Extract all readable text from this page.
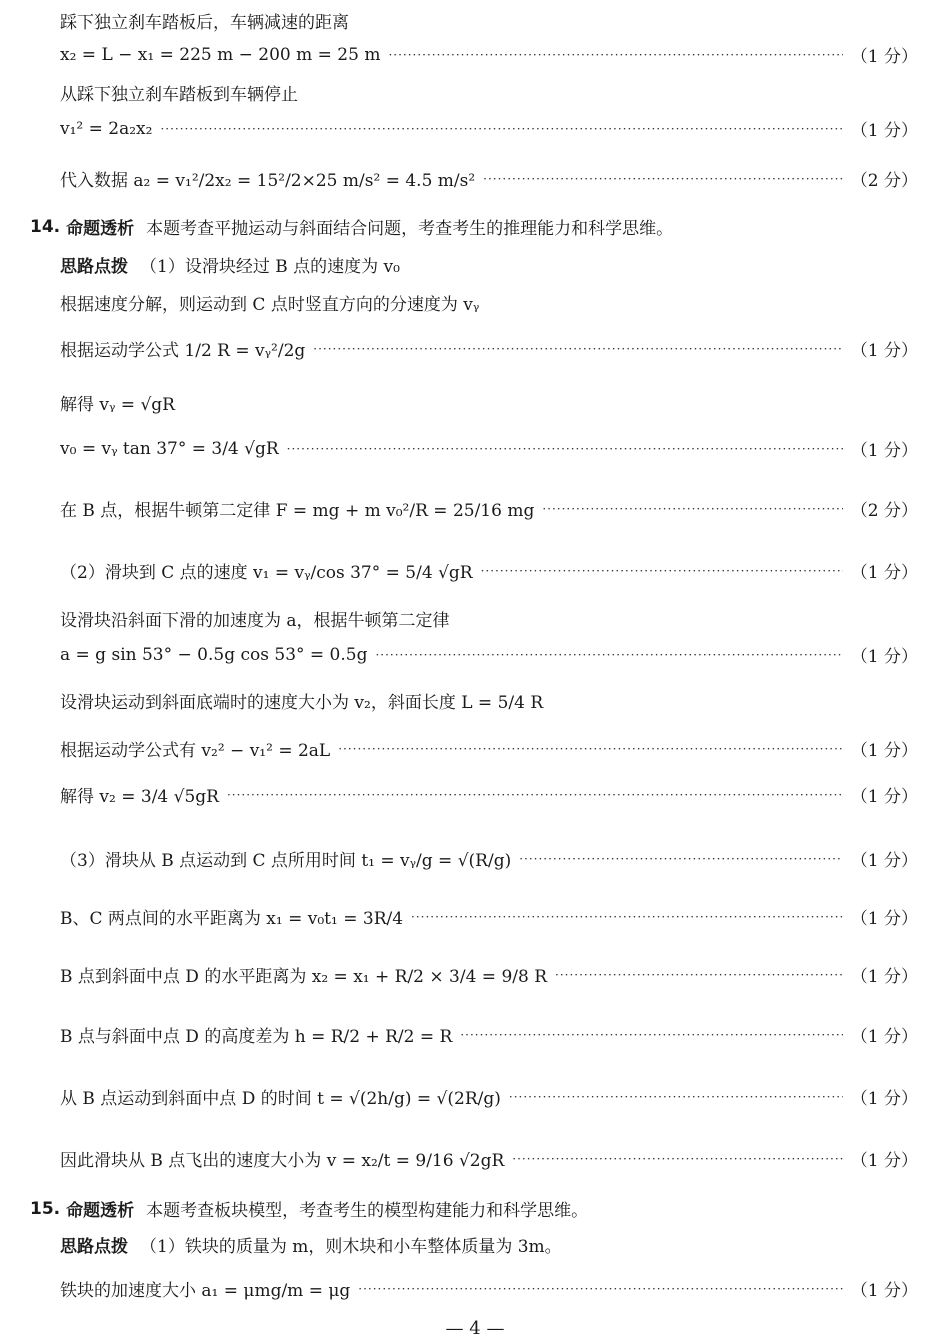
踩下独立刹车踏板后，车辆减速的距离
x₂ = L − x₁ = 225 m − 200 m = 25 m ·····	（1 分）
从踩下独立刹车踏板到车辆停止
v₁² = 2a₂x₂ ·····	（1 分）
代入数据 a₂ = v₁²/2x₂ = 15²/2×25 m/s² = 4.5 m/s² ·····	（2 分）
14. 命题透析 本题考查平抛运动与斜面结合问题，考查考生的推理能力和科学思维。
思路点拨 （1）设滑块经过 B 点的速度为 v₀
根据速度分解，则运动到 C 点时竖直方向的分速度为 vᵧ
根据运动学公式 1/2 R = vᵧ²/2g ·····	（1 分）
解得 vᵧ = √gR
v₀ = vᵧ tan 37° = 3/4 √gR ·····	（1 分）
在 B 点，根据牛顿第二定律 F = mg + m v₀²/R = 25/16 mg ·····	（2 分）
（2）滑块到 C 点的速度 v₁ = vᵧ/cos 37° = 5/4 √gR ·····	（1 分）
设滑块沿斜面下滑的加速度为 a，根据牛顿第二定律
a = g sin 53° − 0.5g cos 53° = 0.5g ·····	（1 分）
设滑块运动到斜面底端时的速度大小为 v₂，斜面长度 L = 5/4 R
根据运动学公式有 v₂² − v₁² = 2aL ·····	（1 分）
解得 v₂ = 3/4 √5gR ·····	（1 分）
（3）滑块从 B 点运动到 C 点所用时间 t₁ = vᵧ/g = √(R/g) ·····	（1 分）
B、C 两点间的水平距离为 x₁ = v₀t₁ = 3R/4 ·····	（1 分）
B 点到斜面中点 D 的水平距离为 x₂ = x₁ + R/2 × 3/4 = 9/8 R ·····	（1 分）
B 点与斜面中点 D 的高度差为 h = R/2 + R/2 = R ·····	（1 分）
从 B 点运动到斜面中点 D 的时间 t = √(2h/g) = √(2R/g) ·····	（1 分）
因此滑块从 B 点飞出的速度大小为 v = x₂/t = 9/16 √2gR ·····	（1 分）
15. 命题透析 本题考查板块模型，考查考生的模型构建能力和科学思维。
思路点拨 （1）铁块的质量为 m，则木块和小车整体质量为 3m。
铁块的加速度大小 a₁ = μmg/m = μg ·····	（1 分）
— 4 —
